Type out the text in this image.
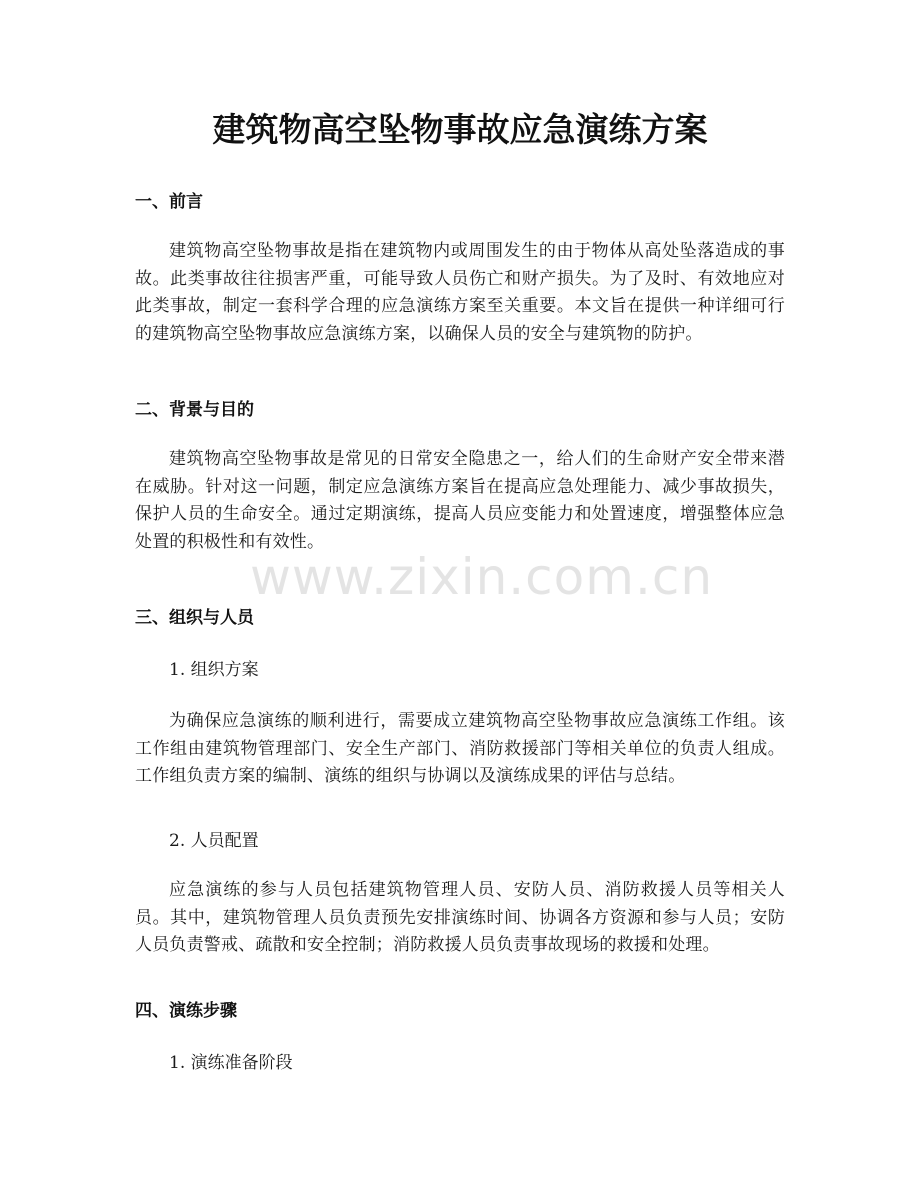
建筑物高空坠物事故应急演练方案
一、前言

建筑物高空坠物事故是指在建筑物内或周围发生的由于物体从高处坠落造成的事故。此类事故往往损害严重，可能导致人员伤亡和财产损失。为了及时、有效地应对此类事故，制定一套科学合理的应急演练方案至关重要。本文旨在提供一种详细可行的建筑物高空坠物事故应急演练方案，以确保人员的安全与建筑物的防护。

二、背景与目的

建筑物高空坠物事故是常见的日常安全隐患之一，给人们的生命财产安全带来潜在威胁。针对这一问题，制定应急演练方案旨在提高应急处理能力、减少事故损失，保护人员的生命安全。通过定期演练，提高人员应变能力和处置速度，增强整体应急处置的积极性和有效性。

三、组织与人员

1. 组织方案

为确保应急演练的顺利进行，需要成立建筑物高空坠物事故应急演练工作组。该工作组由建筑物管理部门、安全生产部门、消防救援部门等相关单位的负责人组成。工作组负责方案的编制、演练的组织与协调以及演练成果的评估与总结。

2. 人员配置

应急演练的参与人员包括建筑物管理人员、安防人员、消防救援人员等相关人员。其中，建筑物管理人员负责预先安排演练时间、协调各方资源和参与人员；安防人员负责警戒、疏散和安全控制；消防救援人员负责事故现场的救援和处理。

四、演练步骤

1. 演练准备阶段

www.zixin.com.cn
